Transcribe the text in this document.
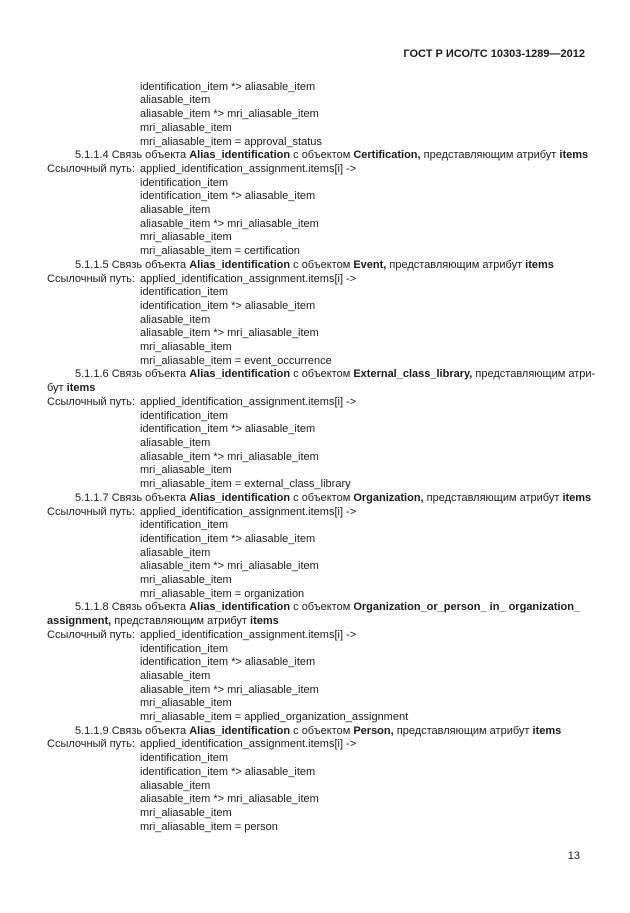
ГОСТ Р ИСО/ТС 10303-1289—2012
identification_item *> aliasable_item
aliasable_item
aliasable_item *> mri_aliasable_item
mri_aliasable_item
mri_aliasable_item = approval_status

5.1.1.4 Связь объекта Alias_identification с объектом Certification, представляющим атрибут items

Ссылочный путь: applied_identification_assignment.items[i] ->
identification_item
identification_item *> aliasable_item
aliasable_item
aliasable_item *> mri_aliasable_item
mri_aliasable_item
mri_aliasable_item = certification

5.1.1.5 Связь объекта Alias_identification с объектом Event, представляющим атрибут items

Ссылочный путь: applied_identification_assignment.items[i] ->
identification_item
identification_item *> aliasable_item
aliasable_item
aliasable_item *> mri_aliasable_item
mri_aliasable_item
mri_aliasable_item = event_occurrence

5.1.1.6 Связь объекта Alias_identification с объектом External_class_library, представляющим атри-
бут items

Ссылочный путь: applied_identification_assignment.items[i] ->
identification_item
identification_item *> aliasable_item
aliasable_item
aliasable_item *> mri_aliasable_item
mri_aliasable_item
mri_aliasable_item = external_class_library

5.1.1.7 Связь объекта Alias_identification с объектом Organization, представляющим атрибут items

Ссылочный путь: applied_identification_assignment.items[i] ->
identification_item
identification_item *> aliasable_item
aliasable_item
aliasable_item *> mri_aliasable_item
mri_aliasable_item
mri_aliasable_item = organization

5.1.1.8 Связь объекта Alias_identification с объектом Organization_or_person_ in_ organization_
assignment, представляющим атрибут items

Ссылочный путь: applied_identification_assignment.items[i] ->
identification_item
identification_item *> aliasable_item
aliasable_item
aliasable_item *> mri_aliasable_item
mri_aliasable_item
mri_aliasable_item = applied_organization_assignment

5.1.1.9 Связь объекта Alias_identification с объектом Person, представляющим атрибут items

Ссылочный путь: applied_identification_assignment.items[i] ->
identification_item
identification_item *> aliasable_item
aliasable_item
aliasable_item *> mri_aliasable_item
mri_aliasable_item
mri_aliasable_item = person
13
